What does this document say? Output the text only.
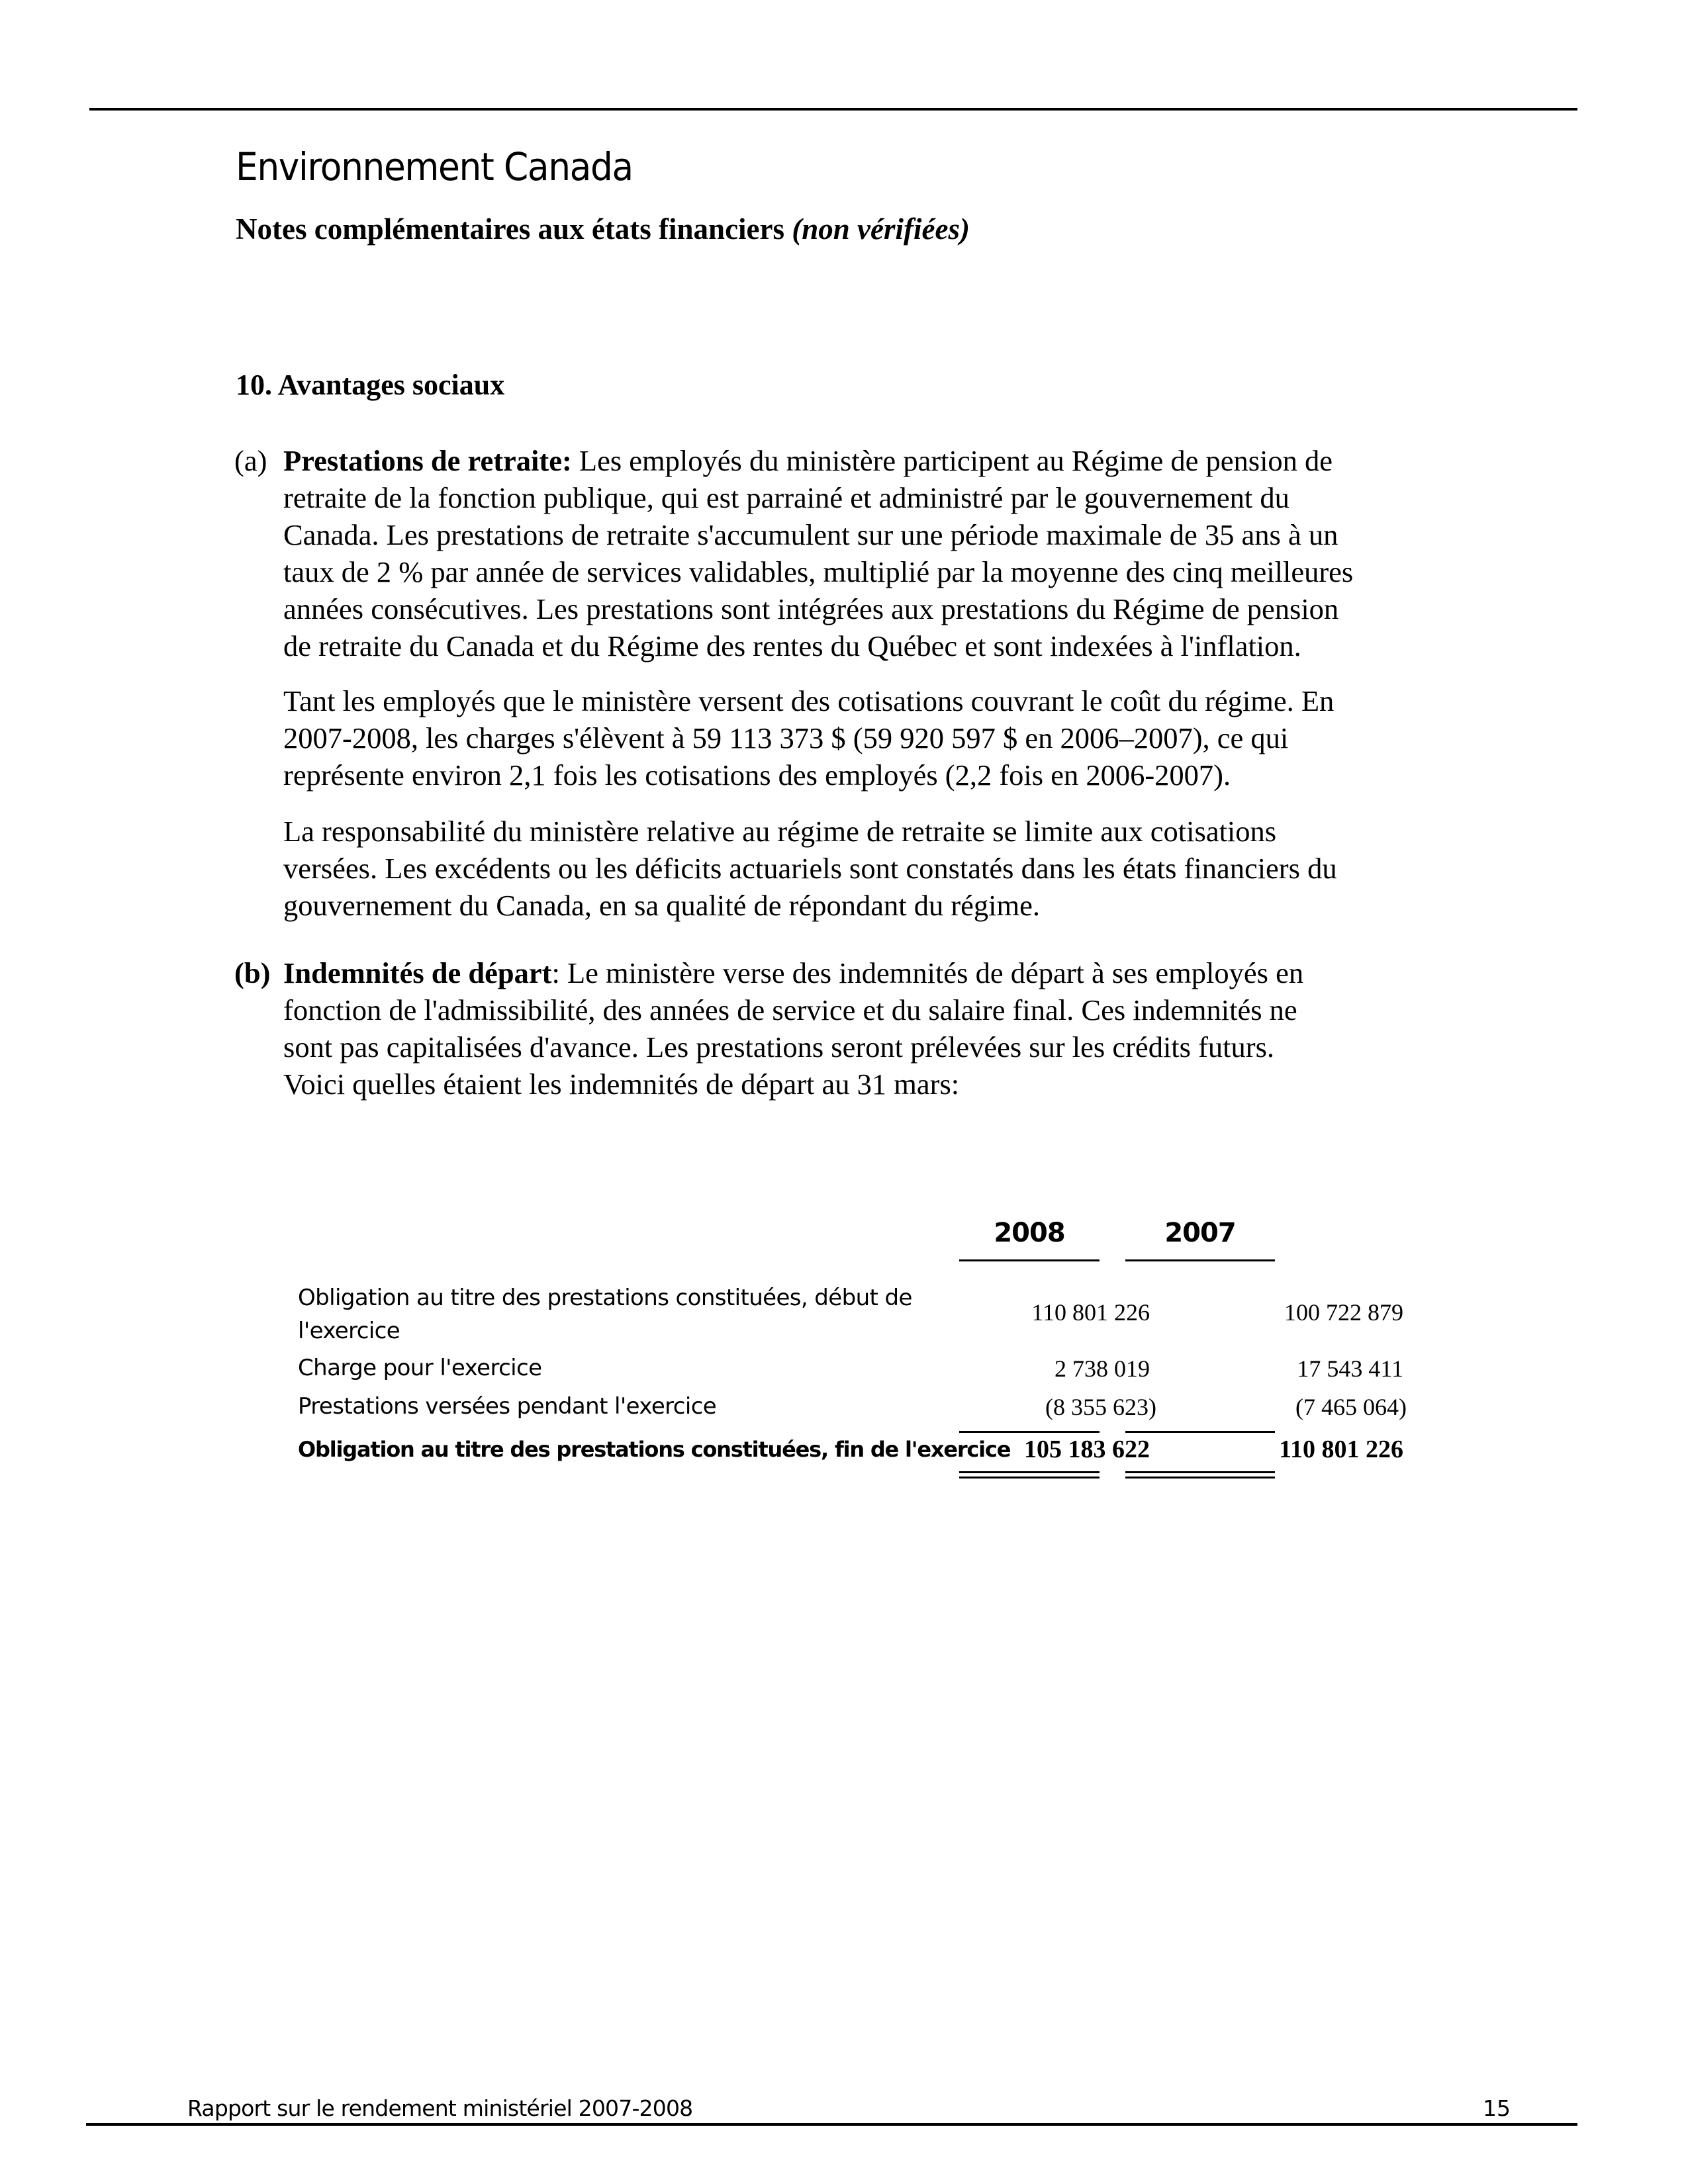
Environnement Canada
Notes complémentaires aux états financiers (non vérifiées)
10. Avantages sociaux
(a) Prestations de retraite: Les employés du ministère participent au Régime de pension de
retraite de la fonction publique, qui est parrainé et administré par le gouvernement du
Canada. Les prestations de retraite s'accumulent sur une période maximale de 35 ans à un
taux de 2 % par année de services validables, multiplié par la moyenne des cinq meilleures
années consécutives. Les prestations sont intégrées aux prestations du Régime de pension
de retraite du Canada et du Régime des rentes du Québec et sont indexées à l'inflation.
Tant les employés que le ministère versent des cotisations couvrant le coût du régime. En
2007-2008, les charges s'élèvent à 59 113 373 $ (59 920 597 $ en 2006–2007), ce qui
représente environ 2,1 fois les cotisations des employés (2,2 fois en 2006-2007).
La responsabilité du ministère relative au régime de retraite se limite aux cotisations
versées. Les excédents ou les déficits actuariels sont constatés dans les états financiers du
gouvernement du Canada, en sa qualité de répondant du régime.
(b) Indemnités de départ: Le ministère verse des indemnités de départ à ses employés en
fonction de l'admissibilité, des années de service et du salaire final. Ces indemnités ne
sont pas capitalisées d'avance. Les prestations seront prélevées sur les crédits futurs.
Voici quelles étaient les indemnités de départ au 31 mars:
2008	2007
Obligation au titre des prestations constituées, début de
l'exercice
110 801 226	100 722 879
Charge pour l'exercice	2 738 019	17 543 411
Prestations versées pendant l'exercice	(8 355 623)	(7 465 064)
Obligation au titre des prestations constituées, fin de l'exercice 105 183 622	110 801 226
Rapport sur le rendement ministériel 2007-2008	15
